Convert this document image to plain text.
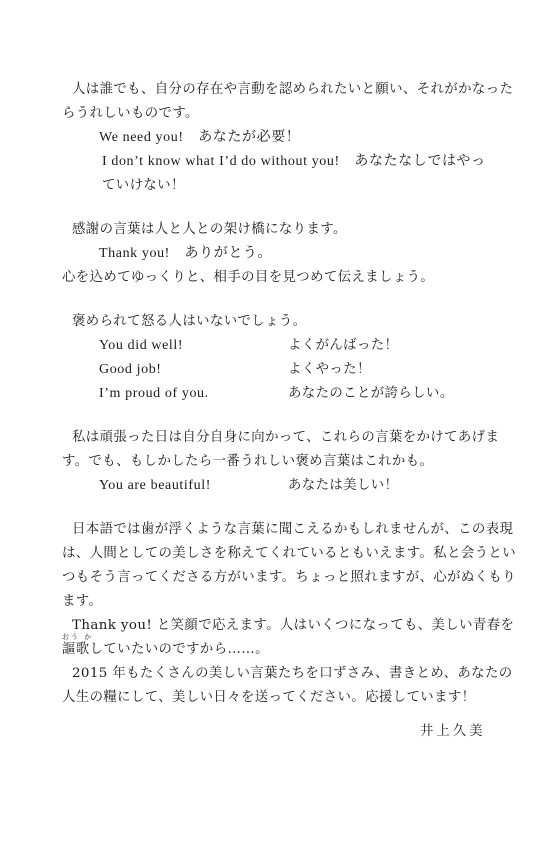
人は誰でも、自分の存在や言動を認められたいと願い、それがかなった

らうれしいものです。

We need you!　あなたが必要！

I don’t know what I’d do without you!　あなたなしではやっ

ていけない！

感謝の言葉は人と人との架け橋になります。

Thank you!　ありがとう。

心を込めてゆっくりと、相手の目を見つめて伝えましょう。

褒められて怒る人はいないでしょう。

You did well!	よくがんばった！

Good job!	よくやった！

I’m proud of you.	あなたのことが誇らしい。

私は頑張った日は自分自身に向かって、これらの言葉をかけてあげま

す。でも、もしかしたら一番うれしい褒め言葉はこれかも。

You are beautiful!	あなたは美しい！

日本語では歯が浮くような言葉に聞こえるかもしれませんが、この表現

は、人間としての美しさを称えてくれているともいえます。私と会うとい

つもそう言ってくださる方がいます。ちょっと照れますが、心がぬくもり

ます。

Thank you! と笑顔で応えます。人はいくつになっても、美しい青春を

おう か
謳歌していたいのですから……。

2015 年もたくさんの美しい言葉たちを口ずさみ、書きとめ、あなたの

人生の糧にして、美しい日々を送ってください。応援しています！

井上久美
